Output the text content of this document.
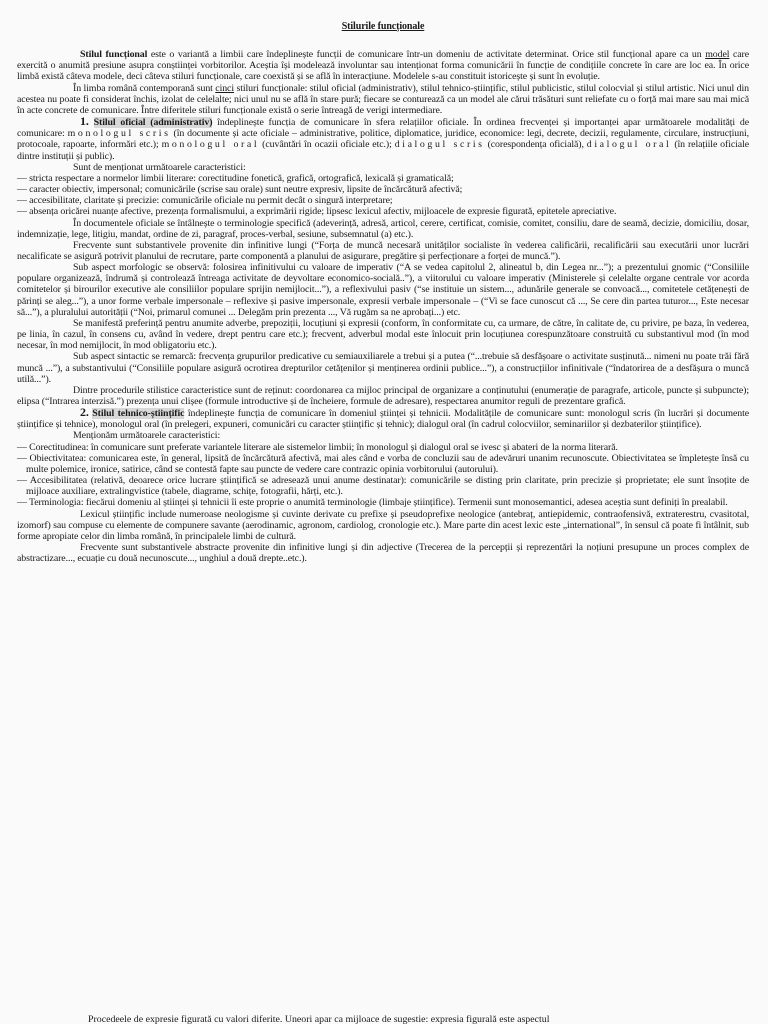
Stilurile funcționale

Stilul funcțional este o variantă a limbii care îndeplinește funcții de comunicare într-un domeniu de activitate determinat. Orice stil funcțional apare ca un model care exercită o anumită presiune asupra conștiinței vorbitorilor. Aceștia își modelează involuntar sau intenționat forma comunicării în funcție de condițiile concrete în care are loc ea. În orice limbă există câteva modele, deci câteva stiluri funcționale, care coexistă și se află în interacțiune. Modelele s-au constituit istoricește și sunt în evoluție.

În limba română contemporană sunt cinci stiluri funcționale: stilul oficial (administrativ), stilul tehnico-științific, stilul publicistic, stilul colocvial și stilul artistic. Nici unul din acestea nu poate fi considerat închis, izolat de celelalte; nici unul nu se află în stare pură; fiecare se conturează ca un model ale cărui trăsături sunt reliefate cu o forță mai mare sau mai mică în acte concrete de comunicare. Între diferitele stiluri funcționale există o serie întreagă de verigi intermediare.

1. Stilul oficial (administrativ) îndeplinește funcția de comunicare în sfera relațiilor oficiale. În ordinea frecvenței și importanței apar următoarele modalități de comunicare: monologul scris (în documente și acte oficiale – administrative, politice, diplomatice, juridice, economice: legi, decrete, decizii, regulamente, circulare, instrucțiuni, protocoale, rapoarte, informări etc.); monologul oral (cuvântări în ocazii oficiale etc.); dialogul scris (corespondența oficială), dialogul oral (în relațiile oficiale dintre instituții și public).

Sunt de menționat următoarele caracteristici:

— stricta respectare a normelor limbii literare: corectitudine fonetică, grafică, ortografică, lexicală și gramaticală;

— caracter obiectiv, impersonal; comunicările (scrise sau orale) sunt neutre expresiv, lipsite de încărcătură afectivă;

— accesibilitate, claritate și precizie: comunicările oficiale nu permit decât o singură interpretare;

— absența oricărei nuanțe afective, prezența formalismului, a exprimării rigide; lipsesc lexicul afectiv, mijloacele de expresie figurată, epitetele apreciative.

În documentele oficiale se întâlnește o terminologie specifică (adeverință, adresă, articol, cerere, certificat, comisie, comitet, consiliu, dare de seamă, decizie, domiciliu, dosar, indemnizație, lege, litigiu, mandat, ordine de zi, paragraf, proces-verbal, sesiune, subsemnatul (a) etc.).

Frecvente sunt substantivele provenite din infinitive lungi (“Forța de muncă necesară unităților socialiste în vederea calificării, recalificării sau executării unor lucrări necalificate se asigură potrivit planului de recrutare, parte componentă a planului de asigurare, pregătire și perfecționare a forței de muncă.”).

Sub aspect morfologic se observă: folosirea infinitivului cu valoare de imperativ (“A se vedea capitolul 2, alineatul b, din Legea nr...”); a prezentului gnomic (“Consiliile populare organizează, îndrumă și controlează întreaga activitate de deyvoltare economico-socială..”), a viitorului cu valoare imperativ (Ministerele și celelalte organe centrale vor acorda comitetelor și birourilor executive ale consiliilor populare sprijin nemijlocit...”), a reflexivului pasiv (“se instituie un sistem..., adunările generale se convoacă..., comitetele cetățenești de părinți se aleg...”), a unor forme verbale impersonale – reflexive și pasive impersonale, expresii verbale impersonale – (“Vi se face cunoscut că ..., Se cere din partea tuturor..., Este necesar să...”), a pluralului autorității (“Noi, primarul comunei ... Delegăm prin prezenta ..., Vă rugăm sa ne aprobați...) etc.

Se manifestă preferință pentru anumite adverbe, prepoziții, locuțiuni și expresii (conform, în conformitate cu, ca urmare, de către, în calitate de, cu privire, pe baza, în vederea, pe linia, în cazul, în consens cu, având în vedere, drept pentru care etc.); frecvent, adverbul modal este înlocuit prin locuțiunea corespunzătoare construită cu substantivul mod (în mod necesar, în mod nemijlocit, în mod obligatoriu etc.).

Sub aspect sintactic se remarcă: frecvența grupurilor predicative cu semiauxiliarele a trebui și a putea (“...trebuie să desfășoare o activitate susținută... nimeni nu poate trăi fără muncă ...”), a substantivului (“Consiliile populare asigură ocrotirea drepturilor cetățenilor și menținerea ordinii publice...”), a construcțiilor infinitivale (“îndatorirea de a desfășura o muncă utilă...”).

Dintre procedurile stilistice caracteristice sunt de reținut: coordonarea ca mijloc principal de organizare a conținutului (enumerație de paragrafe, articole, puncte și subpuncte); elipsa (“Intrarea interzisă.”) prezența unui clișee (formule introductive și de încheiere, formule de adresare), respectarea anumitor reguli de prezentare grafică.

2. Stilul tehnico-științific îndeplinește funcția de comunicare în domeniul științei și tehnicii. Modalitățile de comunicare sunt: monologul scris (în lucrări și documente științifice și tehnice), monologul oral (în prelegeri, expuneri, comunicări cu caracter științific și tehnic); dialogul oral (în cadrul colocviilor, seminariilor și dezbaterilor științifice).

Menționăm următoarele caracteristici:

— Corectitudinea: în comunicare sunt preferate variantele literare ale sistemelor limbii; în monologul și dialogul oral se ivesc și abateri de la norma literară.

— Obiectivitatea: comunicarea este, în general, lipsită de încărcătură afectivă, mai ales când e vorba de concluzii sau de adevăruri unanim recunoscute. Obiectivitatea se împletește însă cu multe polemice, ironice, satirice, când se contestă fapte sau puncte de vedere care contrazic opinia vorbitorului (autorului).

— Accesibilitatea (relativă, deoarece orice lucrare științifică se adresează unui anume destinatar): comunicările se disting prin claritate, prin precizie și proprietate; ele sunt însoțite de mijloace auxiliare, extralingvistice (tabele, diagrame, schițe, fotografii, hărți, etc.).

— Terminologia: fiecărui domeniu al științei și tehnicii îi este proprie o anumită terminologie (limbaje științifice). Termenii sunt monosemantici, adesea aceștia sunt definiți în prealabil.

Lexicul științific include numeroase neologisme și cuvinte derivate cu prefixe și pseudoprefixe neologice (antebraț, antiepidemic, contraofensivă, extraterestru, cvasitotal, izomorf) sau compuse cu elemente de compunere savante (aerodinamic, agronom, cardiolog, cronologie etc.). Mare parte din acest lexic este „international”, în sensul că poate fi întâlnit, sub forme apropiate celor din limba română, în principalele limbi de cultură.

Frecvente sunt substantivele abstracte provenite din infinitive lungi și din adjective (Trecerea de la percepții și reprezentări la noțiuni presupune un proces complex de abstractizare..., ecuație cu două necunoscute..., unghiul a două drepte..etc.).

Procedeele de expresie figurată cu valori diferite. Uneori apar ca mijloace de sugestie: expresia figurală este aspectul
